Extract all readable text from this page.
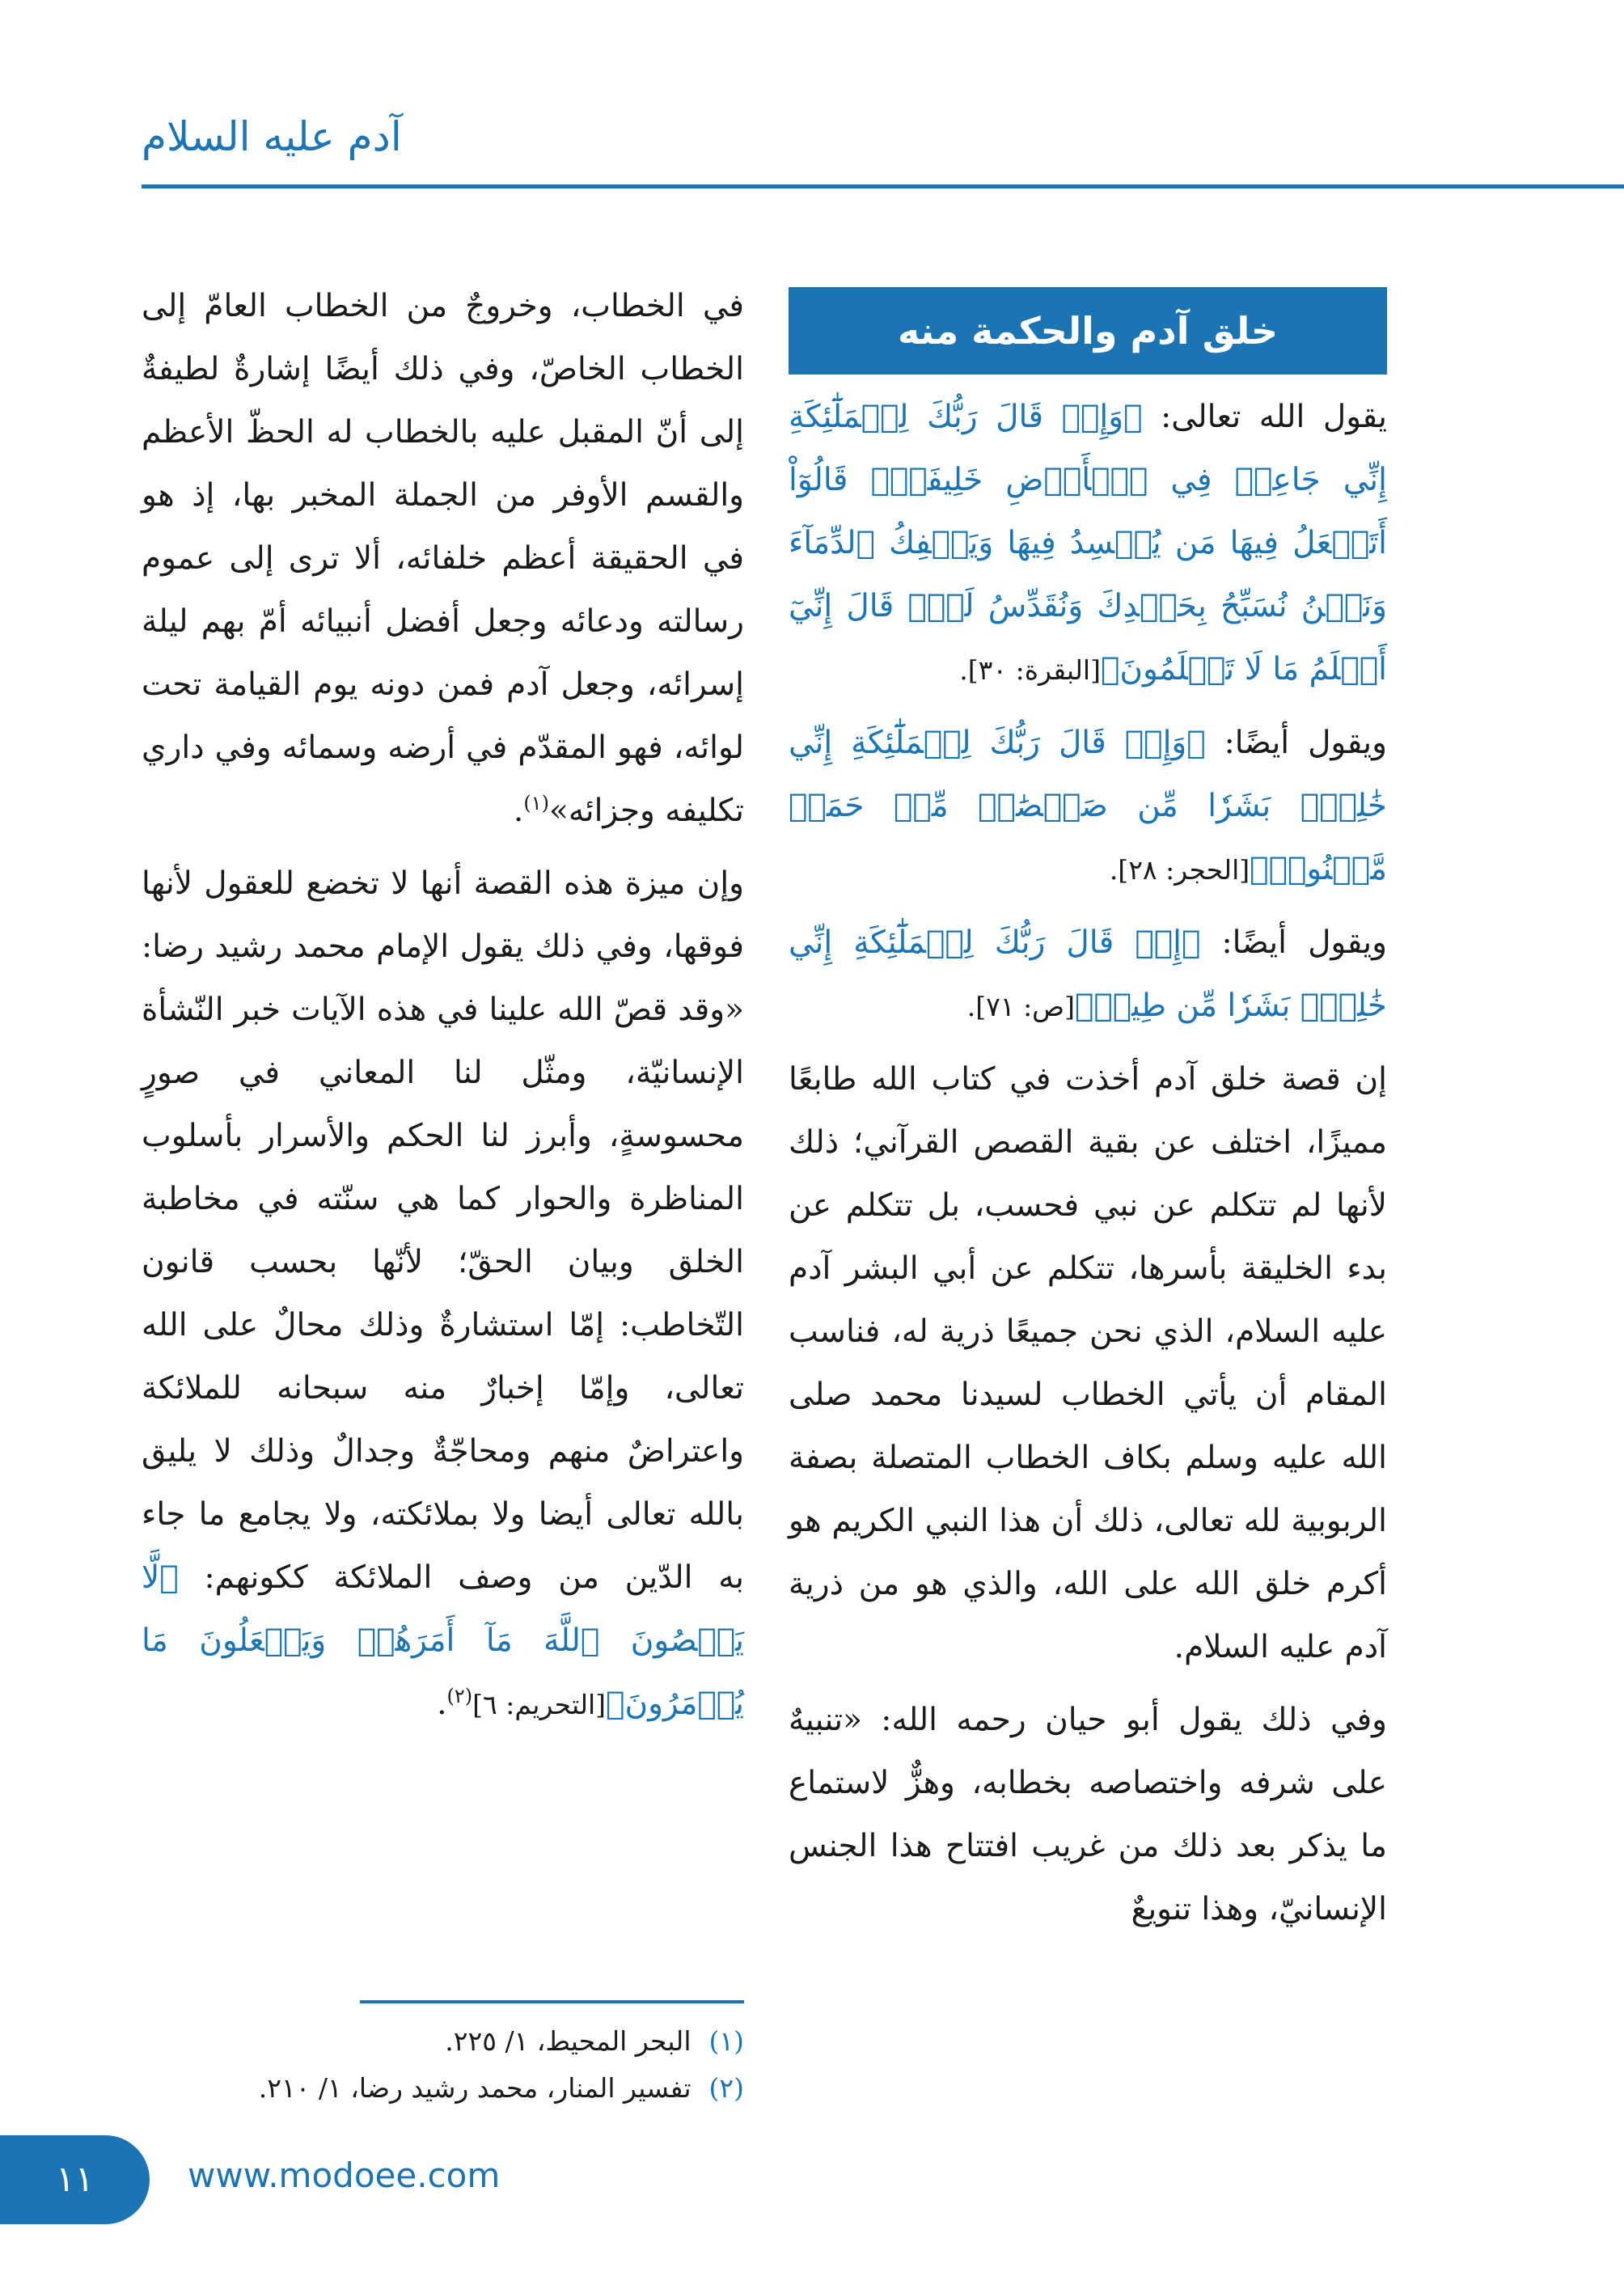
آدم عليه السلام
خلق آدم والحكمة منه

يقول الله تعالى: ﴿وَإِذۡ قَالَ رَبُّكَ لِلۡمَلَٰٓئِكَةِ إِنِّي جَاعِلٞ فِي ٱلۡأَرۡضِ خَلِيفَةٗۖ قَالُوٓاْ أَتَجۡعَلُ فِيهَا مَن يُفۡسِدُ فِيهَا وَيَسۡفِكُ ٱلدِّمَآءَ وَنَحۡنُ نُسَبِّحُ بِحَمۡدِكَ وَنُقَدِّسُ لَكَۖ قَالَ إِنِّيٓ أَعۡلَمُ مَا لَا تَعۡلَمُونَ﴾[البقرة: ٣٠].

ويقول أيضًا: ﴿وَإِذۡ قَالَ رَبُّكَ لِلۡمَلَٰٓئِكَةِ إِنِّي خَٰلِقُۢ بَشَرٗا مِّن صَلۡصَٰلٖ مِّنۡ حَمَإٖ مَّسۡنُونٖ﴾[الحجر: ٢٨].

ويقول أيضًا: ﴿إِذۡ قَالَ رَبُّكَ لِلۡمَلَٰٓئِكَةِ إِنِّي خَٰلِقُۢ بَشَرٗا مِّن طِينٖ﴾[ص: ٧١].

إن قصة خلق آدم أخذت في كتاب الله طابعًا مميزًا، اختلف عن بقية القصص القرآني؛ ذلك لأنها لم تتكلم عن نبي فحسب، بل تتكلم عن بدء الخليقة بأسرها، تتكلم عن أبي البشر آدم عليه السلام، الذي نحن جميعًا ذرية له، فناسب المقام أن يأتي الخطاب لسيدنا محمد صلى الله عليه وسلم بكاف الخطاب المتصلة بصفة الربوبية لله تعالى، ذلك أن هذا النبي الكريم هو أكرم خلق الله على الله، والذي هو من ذرية آدم عليه السلام.

وفي ذلك يقول أبو حيان رحمه الله: «تنبيهٌ على شرفه واختصاصه بخطابه، وهزٌّ لاستماع ما يذكر بعد ذلك من غريب افتتاح هذا الجنس الإنسانيّ، وهذا تنويعٌ

في الخطاب، وخروجٌ من الخطاب العامّ إلى الخطاب الخاصّ، وفي ذلك أيضًا إشارةٌ لطيفةٌ إلى أنّ المقبل عليه بالخطاب له الحظّ الأعظم والقسم الأوفر من الجملة المخبر بها، إذ هو في الحقيقة أعظم خلفائه، ألا ترى إلى عموم رسالته ودعائه وجعل أفضل أنبيائه أمّ بهم ليلة إسرائه، وجعل آدم فمن دونه يوم القيامة تحت لوائه، فهو المقدّم في أرضه وسمائه وفي داري تكليفه وجزائه»$^{(١)}$.

وإن ميزة هذه القصة أنها لا تخضع للعقول لأنها فوقها، وفي ذلك يقول الإمام محمد رشيد رضا: «وقد قصّ الله علينا في هذه الآيات خبر النّشأة الإنسانيّة، ومثّل لنا المعاني في صورٍ محسوسةٍ، وأبرز لنا الحكم والأسرار بأسلوب المناظرة والحوار كما هي سنّته في مخاطبة الخلق وبيان الحقّ؛ لأنّها بحسب قانون التّخاطب: إمّا استشارةٌ وذلك محالٌ على الله تعالى، وإمّا إخبارٌ منه سبحانه للملائكة واعتراضٌ منهم ومحاجّةٌ وجدالٌ وذلك لا يليق بالله تعالى أيضا ولا بملائكته، ولا يجامع ما جاء به الدّين من وصف الملائكة ككونهم: ﴿لَّا يَعۡصُونَ ٱللَّهَ مَآ أَمَرَهُمۡ وَيَفۡعَلُونَ مَا يُؤۡمَرُونَ﴾[التحريم: ٦]$^{(٢)}$.

(١)
البحر المحيط، ١/ ٢٢٥.
(٢)
تفسير المنار، محمد رشيد رضا، ١/ ٢١٠.
١١	www.modoee.com
